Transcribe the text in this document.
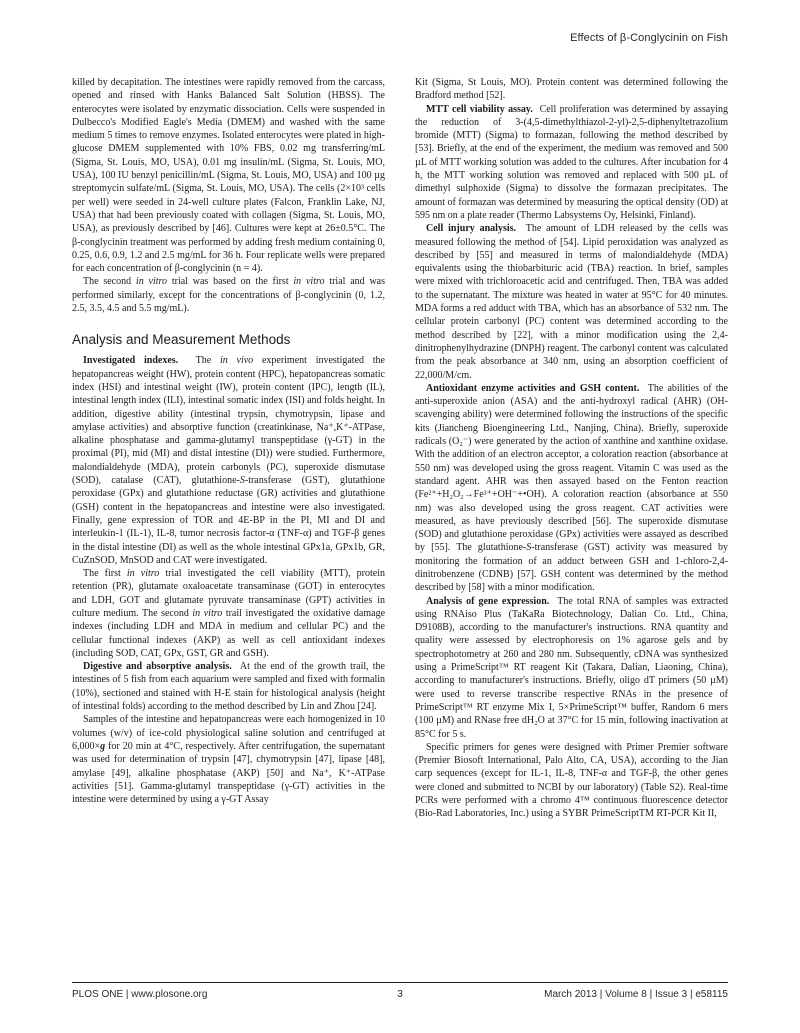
Effects of β-Conglycinin on Fish

killed by decapitation. The intestines were rapidly removed from the carcass, opened and rinsed with Hanks Balanced Salt Solution (HBSS). The enterocytes were isolated by enzymatic dissociation. Cells were suspended in Dulbecco's Modified Eagle's Media (DMEM) and washed with the same medium 5 times to remove enzymes. Isolated enterocytes were plated in high-glucose DMEM supplemented with 10% FBS, 0.02 mg transferring/mL (Sigma, St. Louis, MO, USA), 0.01 mg insulin/mL (Sigma, St. Louis, MO, USA), 100 IU benzyl penicillin/mL (Sigma, St. Louis, MO, USA) and 100 µg streptomycin sulfate/mL (Sigma, St. Louis, MO, USA). The cells (2×10³ cells per well) were seeded in 24-well culture plates (Falcon, Franklin Lake, NJ, USA) that had been previously coated with collagen (Sigma, St. Louis, MO, USA), as previously described by [46]. Cultures were kept at 26±0.5°C. The β-conglycinin treatment was performed by adding fresh medium containing 0, 0.25, 0.6, 0.9, 1.2 and 2.5 mg/mL for 36 h. Four replicate wells were prepared for each concentration of β-conglycinin (n = 4).

The second in vitro trial was based on the first in vitro trial and was performed similarly, except for the concentrations of β-conglycinin (0, 1.2, 2.5, 3.5, 4.5 and 5.5 mg/mL).

Analysis and Measurement Methods

Investigated indexes.  The in vivo experiment investigated the hepatopancreas weight (HW), protein content (HPC), hepatopancreas somatic index (HSI) and intestinal weight (IW), protein content (IPC), length (IL), intestinal length index (ILI), intestinal somatic index (ISI) and folds height. In addition, digestive ability (intestinal trypsin, chymotrypsin, lipase and amylase activities) and absorptive function (creatinkinase, Na⁺,K⁺-ATPase, alkaline phosphatase and gamma-glutamyl transpeptidase (γ-GT) in the proximal (PI), mid (MI) and distal intestine (DI)) were studied. Furthermore, malondialdehyde (MDA), protein carbonyls (PC), superoxide dismutase (SOD), catalase (CAT), glutathione-S-transferase (GST), glutathione peroxidase (GPx) and glutathione reductase (GR) activities and glutathione (GSH) content in the hepatopancreas and intestine were also investigated. Finally, gene expression of TOR and 4E-BP in the PI, MI and DI and interleukin-1 (IL-1), IL-8, tumor necrosis factor-α (TNF-α) and TGF-β genes in the distal intestine (DI) as well as the whole intestinal GPx1a, GPx1b, GR, CuZnSOD, MnSOD and CAT were investigated.

The first in vitro trial investigated the cell viability (MTT), protein retention (PR), glutamate oxaloacetate transaminase (GOT) in enterocytes and LDH, GOT and glutamate pyruvate transaminase (GPT) activities in culture medium. The second in vitro trail investigated the oxidative damage indexes (including LDH and MDA in medium and cellular PC) and the cellular functional indexes (AKP) as well as cell antioxidant indexes (including SOD, CAT, GPx, GST, GR and GSH).

Digestive and absorptive analysis.  At the end of the growth trail, the intestines of 5 fish from each aquarium were sampled and fixed with formalin (10%), sectioned and stained with H-E stain for histological analysis (height of intestinal folds) according to the method described by Lin and Zhou [24].

Samples of the intestine and hepatopancreas were each homogenized in 10 volumes (w/v) of ice-cold physiological saline solution and centrifuged at 6,000×g for 20 min at 4°C, respectively. After centrifugation, the supernatant was used for determination of trypsin [47], chymotrypsin [47], lipase [48], amylase [49], alkaline phosphatase (AKP) [50] and Na⁺, K⁺-ATPase activities [51]. Gamma-glutamyl transpeptidase (γ-GT) activities in the intestine were determined by using a γ-GT Assay

Kit (Sigma, St Louis, MO). Protein content was determined following the Bradford method [52].

MTT cell viability assay.  Cell proliferation was determined by assaying the reduction of 3-(4,5-dimethylthiazol-2-yl)-2,5-diphenyltetrazolium bromide (MTT) (Sigma) to formazan, following the method described by [53]. Briefly, at the end of the experiment, the medium was removed and 500 µL of MTT working solution was added to the cultures. After incubation for 4 h, the MTT working solution was removed and replaced with 500 µL of dimethyl sulphoxide (Sigma) to dissolve the formazan precipitates. The amount of formazan was determined by measuring the optical density (OD) at 595 nm on a plate reader (Thermo Labsystems Oy, Helsinki, Finland).

Cell injury analysis.  The amount of LDH released by the cells was measured following the method of [54]. Lipid peroxidation was analyzed as described by [55] and measured in terms of malondialdehyde (MDA) equivalents using the thiobarbituric acid (TBA) reaction. In brief, samples were mixed with trichloroacetic acid and centrifuged. Then, TBA was added to the supernatant. The mixture was heated in water at 95°C for 40 minutes. MDA forms a red adduct with TBA, which has an absorbance of 532 nm. The cellular protein carbonyl (PC) content was determined according to the method described by [22], with a minor modification using the 2,4-dinitrophenylhydrazine (DNPH) reagent. The carbonyl content was calculated from the peak absorbance at 340 nm, using an absorption coefficient of 22,000/M/cm.

Antioxidant enzyme activities and GSH content.  The abilities of the anti-superoxide anion (ASA) and the anti-hydroxyl radical (AHR) (OH-scavenging ability) were determined following the instructions of the specific kits (Jiancheng Bioengineering Ltd., Nanjing, China). Briefly, superoxide radicals (O₂⁻) were generated by the action of xanthine and xanthine oxidase. With the addition of an electron acceptor, a coloration reaction (absorbance at 550 nm) was developed using the gross reagent. Vitamin C was used as the standard agent. AHR was then assayed based on the Fenton reaction (Fe²⁺+H₂O₂→Fe³⁺+OH⁻+•OH). A coloration reaction (absorbance at 550 nm) was also developed using the gross reagent. CAT activities were measured, as have previously described [56]. The superoxide dismutase (SOD) and glutathione peroxidase (GPx) activities were assayed as described by [55]. The glutathione-S-transferase (GST) activity was measured by monitoring the formation of an adduct between GSH and 1-chloro-2,4-dinitrobenzene (CDNB) [57]. GSH content was determined by the method described by [58] with a minor modification.

Analysis of gene expression.  The total RNA of samples was extracted using RNAiso Plus (TaKaRa Biotechnology, Dalian Co. Ltd., China, D9108B), according to the manufacturer's instructions. RNA quantity and quality were assessed by electrophoresis on 1% agarose gels and by spectrophotometry at 260 and 280 nm. Subsequently, cDNA was synthesized using a PrimeScript™ RT reagent Kit (Takara, Dalian, Liaoning, China), according to manufacturer's instructions. Briefly, oligo dT primers (50 µM) were used to reverse transcribe respective RNAs in the presence of PrimeScript™ RT enzyme Mix I, 5×PrimeScript™ buffer, Random 6 mers (100 µM) and RNase free dH₂O at 37°C for 15 min, following inactivation at 85°C for 5 s.

Specific primers for genes were designed with Primer Premier software (Premier Biosoft International, Palo Alto, CA, USA), according to the Jian carp sequences (except for IL-1, IL-8, TNF-α and TGF-β, the other genes were cloned and submitted to NCBI by our laboratory) (Table S2). Real-time PCRs were performed with a chromo 4™ continuous fluorescence detector (Bio-Rad Laboratories, Inc.) using a SYBR PrimeScriptTM RT-PCR Kit II,

PLOS ONE | www.plosone.org	3	March 2013 | Volume 8 | Issue 3 | e58115
